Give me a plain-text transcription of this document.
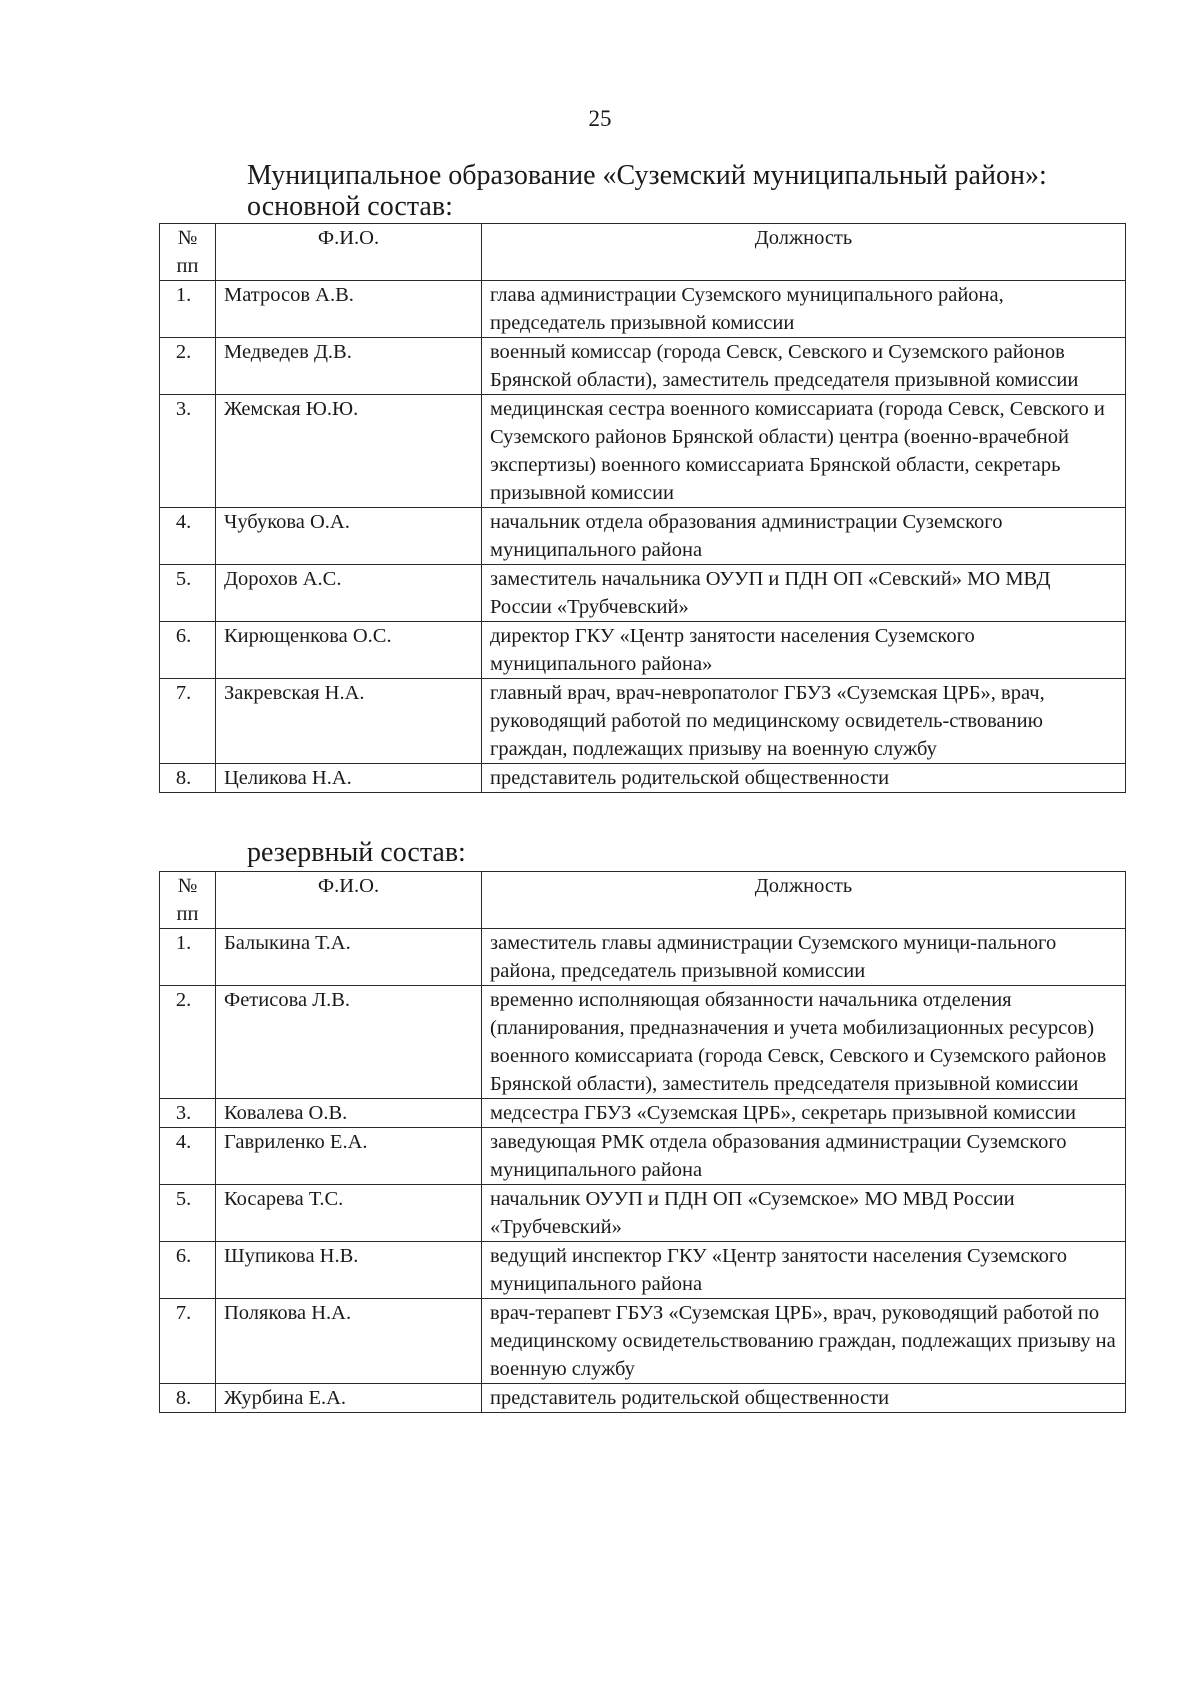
25
Муниципальное образование «Суземский муниципальный район»:
основной состав:
№
пп	Ф.И.О.	Должность
1.	Матросов А.В.	глава администрации Суземского муниципального района, председатель призывной комиссии
2.	Медведев Д.В.	военный комиссар (города Севск, Севского и Суземского районов Брянской области), заместитель председателя призывной комиссии
3.	Жемская Ю.Ю.	медицинская сестра военного комиссариата (города Севск, Севского и Суземского районов Брянской области) центра (военно-врачебной экспертизы) военного комиссариата Брянской области, секретарь призывной комиссии
4.	Чубукова О.А.	начальник отдела образования администрации Суземского муниципального района
5.	Дорохов А.С.	заместитель начальника ОУУП и ПДН ОП «Севский» МО МВД России «Трубчевский»
6.	Кирющенкова О.С.	директор ГКУ «Центр занятости населения Суземского муниципального района»
7.	Закревская Н.А.	главный врач, врач-невропатолог ГБУЗ «Суземская ЦРБ», врач, руководящий работой по медицинскому освидетель-ствованию граждан, подлежащих призыву на военную службу
8.	Целикова Н.А.	представитель родительской общественности
резервный состав:
№
пп	Ф.И.О.	Должность
1.	Балыкина Т.А.	заместитель главы администрации Суземского муници-пального района, председатель призывной комиссии
2.	Фетисова Л.В.	временно исполняющая обязанности начальника отделения (планирования, предназначения и учета мобилизационных ресурсов) военного комиссариата (города Севск, Севского и Суземского районов Брянской области), заместитель председателя призывной комиссии
3.	Ковалева О.В.	медсестра ГБУЗ «Суземская ЦРБ», секретарь призывной комиссии
4.	Гавриленко Е.А.	заведующая РМК отдела образования администрации Суземского муниципального района
5.	Косарева Т.С.	начальник ОУУП и ПДН ОП «Суземское» МО МВД России «Трубчевский»
6.	Шупикова Н.В.	ведущий инспектор ГКУ «Центр занятости населения Суземского муниципального района
7.	Полякова Н.А.	врач-терапевт ГБУЗ «Суземская ЦРБ», врач, руководящий работой по медицинскому освидетельствованию граждан, подлежащих призыву на военную службу
8.	Журбина Е.А.	представитель родительской общественности
